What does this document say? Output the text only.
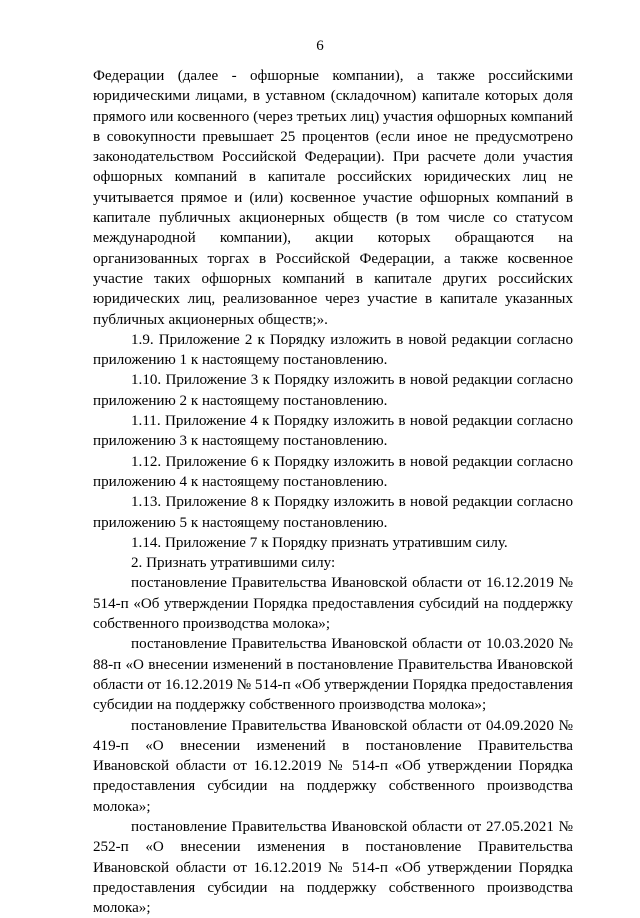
6

Федерации (далее - офшорные компании), а также российскими юридическими лицами, в уставном (складочном) капитале которых доля прямого или косвенного (через третьих лиц) участия офшорных компаний в совокупности превышает 25 процентов (если иное не предусмотрено законодательством Российской Федерации). При расчете доли участия офшорных компаний в капитале российских юридических лиц не учитывается прямое и (или) косвенное участие офшорных компаний в капитале публичных акционерных обществ (в том числе со статусом международной компании), акции которых обращаются на организованных торгах в Российской Федерации, а также косвенное участие таких офшорных компаний в капитале других российских юридических лиц, реализованное через участие в капитале указанных публичных акционерных обществ;».

1.9. Приложение 2 к Порядку изложить в новой редакции согласно приложению 1 к настоящему постановлению.

1.10. Приложение 3 к Порядку изложить в новой редакции согласно приложению 2 к настоящему постановлению.

1.11. Приложение 4 к Порядку изложить в новой редакции согласно приложению 3 к настоящему постановлению.

1.12. Приложение 6 к Порядку изложить в новой редакции согласно приложению 4 к настоящему постановлению.

1.13. Приложение 8 к Порядку изложить в новой редакции согласно приложению 5 к настоящему постановлению.

1.14. Приложение 7 к Порядку признать утратившим силу.

2. Признать утратившими силу:

постановление Правительства Ивановской области от 16.12.2019 № 514-п «Об утверждении Порядка предоставления субсидий на поддержку собственного производства молока»;

постановление Правительства Ивановской области от 10.03.2020 № 88-п «О внесении изменений в постановление Правительства Ивановской области от 16.12.2019 № 514-п «Об утверждении Порядка предоставления субсидии на поддержку собственного производства молока»;

постановление Правительства Ивановской области от 04.09.2020 № 419-п «О внесении изменений в постановление Правительства Ивановской области от 16.12.2019 № 514-п «Об утверждении Порядка предоставления субсидии на поддержку собственного производства молока»;

постановление Правительства Ивановской области от 27.05.2021 № 252-п «О внесении изменения в постановление Правительства Ивановской области от 16.12.2019 № 514-п «Об утверждении Порядка предоставления субсидии на поддержку собственного производства молока»;
